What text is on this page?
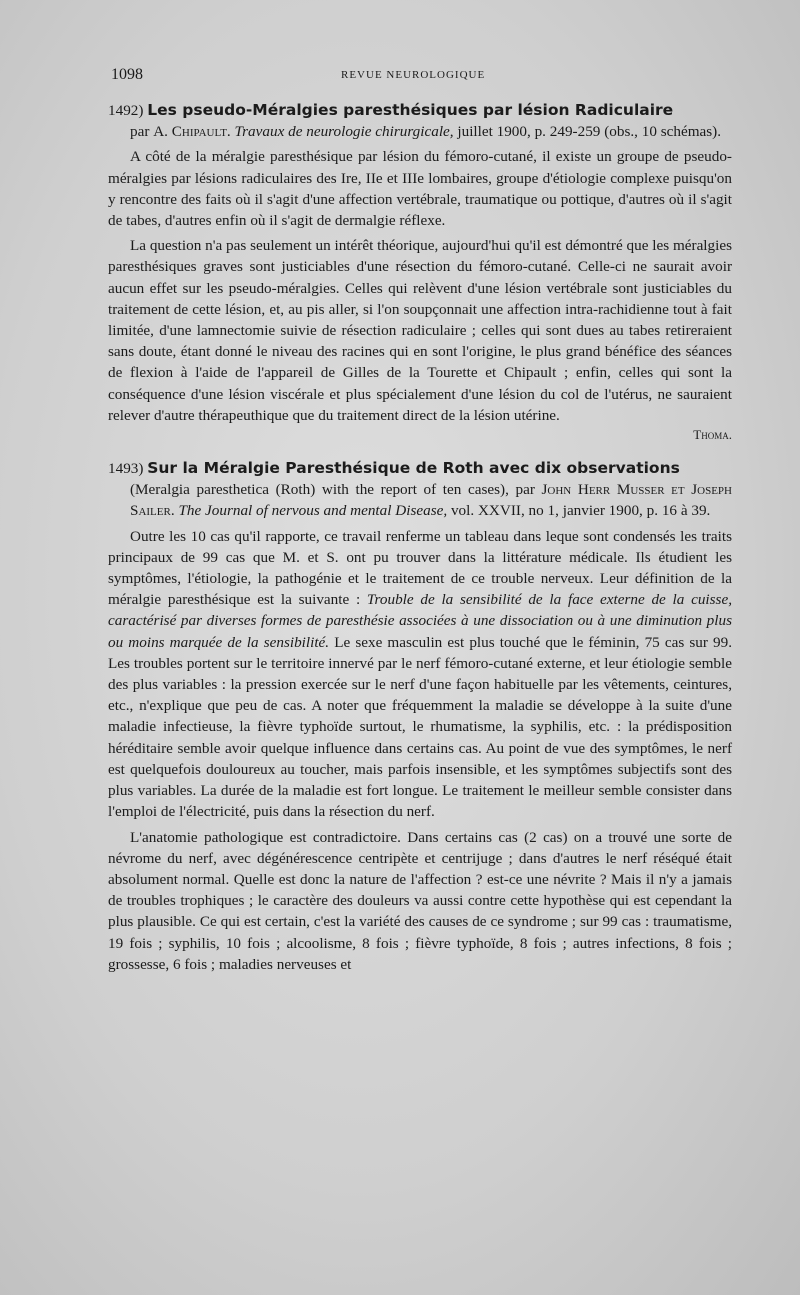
1098	REVUE NEUROLOGIQUE

1492) Les pseudo-Méralgies paresthésiques par lésion Radiculaire

par A. Chipault. Travaux de neurologie chirurgicale, juillet 1900, p. 249-259 (obs., 10 schémas).

A côté de la méralgie paresthésique par lésion du fémoro-cutané, il existe un groupe de pseudo-méralgies par lésions radiculaires des Ire, IIe et IIIe lombaires, groupe d'étiologie complexe puisqu'on y rencontre des faits où il s'agit d'une affection vertébrale, traumatique ou pottique, d'autres où il s'agit de tabes, d'autres enfin où il s'agit de dermalgie réflexe.

La question n'a pas seulement un intérêt théorique, aujourd'hui qu'il est démontré que les méralgies paresthésiques graves sont justiciables d'une résection du fémoro-cutané. Celle-ci ne saurait avoir aucun effet sur les pseudo-méralgies. Celles qui relèvent d'une lésion vertébrale sont justiciables du traitement de cette lésion, et, au pis aller, si l'on soupçonnait une affection intra-rachidienne tout à fait limitée, d'une lamnectomie suivie de résection radiculaire ; celles qui sont dues au tabes retireraient sans doute, étant donné le niveau des racines qui en sont l'origine, le plus grand bénéfice des séances de flexion à l'aide de l'appareil de Gilles de la Tourette et Chipault ; enfin, celles qui sont la conséquence d'une lésion viscérale et plus spécialement d'une lésion du col de l'utérus, ne sauraient relever d'autre thérapeuthique que du traitement direct de la lésion utérine.

Thoma.

1493) Sur la Méralgie Paresthésique de Roth avec dix observations

(Meralgia paresthetica (Roth) with the report of ten cases), par John Herr Musser et Joseph Sailer. The Journal of nervous and mental Disease, vol. XXVII, no 1, janvier 1900, p. 16 à 39.

Outre les 10 cas qu'il rapporte, ce travail renferme un tableau dans leque sont condensés les traits principaux de 99 cas que M. et S. ont pu trouver dans la littérature médicale. Ils étudient les symptômes, l'étiologie, la pathogénie et le traitement de ce trouble nerveux. Leur définition de la méralgie paresthésique est la suivante : Trouble de la sensibilité de la face externe de la cuisse, caractérisé par diverses formes de paresthésie associées à une dissociation ou à une diminution plus ou moins marquée de la sensibilité. Le sexe masculin est plus touché que le féminin, 75 cas sur 99. Les troubles portent sur le territoire innervé par le nerf fémoro-cutané externe, et leur étiologie semble des plus variables : la pression exercée sur le nerf d'une façon habituelle par les vêtements, ceintures, etc., n'explique que peu de cas. A noter que fréquemment la maladie se développe à la suite d'une maladie infectieuse, la fièvre typhoïde surtout, le rhumatisme, la syphilis, etc. : la prédisposition héréditaire semble avoir quelque influence dans certains cas. Au point de vue des symptômes, le nerf est quelquefois douloureux au toucher, mais parfois insensible, et les symptômes subjectifs sont des plus variables. La durée de la maladie est fort longue. Le traitement le meilleur semble consister dans l'emploi de l'électricité, puis dans la résection du nerf.

L'anatomie pathologique est contradictoire. Dans certains cas (2 cas) on a trouvé une sorte de névrome du nerf, avec dégénérescence centripète et centrijuge ; dans d'autres le nerf réséqué était absolument normal. Quelle est donc la nature de l'affection ? est-ce une névrite ? Mais il n'y a jamais de troubles trophiques ; le caractère des douleurs va aussi contre cette hypothèse qui est cependant la plus plausible. Ce qui est certain, c'est la variété des causes de ce syndrome ; sur 99 cas : traumatisme, 19 fois ; syphilis, 10 fois ; alcoolisme, 8 fois ; fièvre typhoïde, 8 fois ; autres infections, 8 fois ; grossesse, 6 fois ; maladies nerveuses et
